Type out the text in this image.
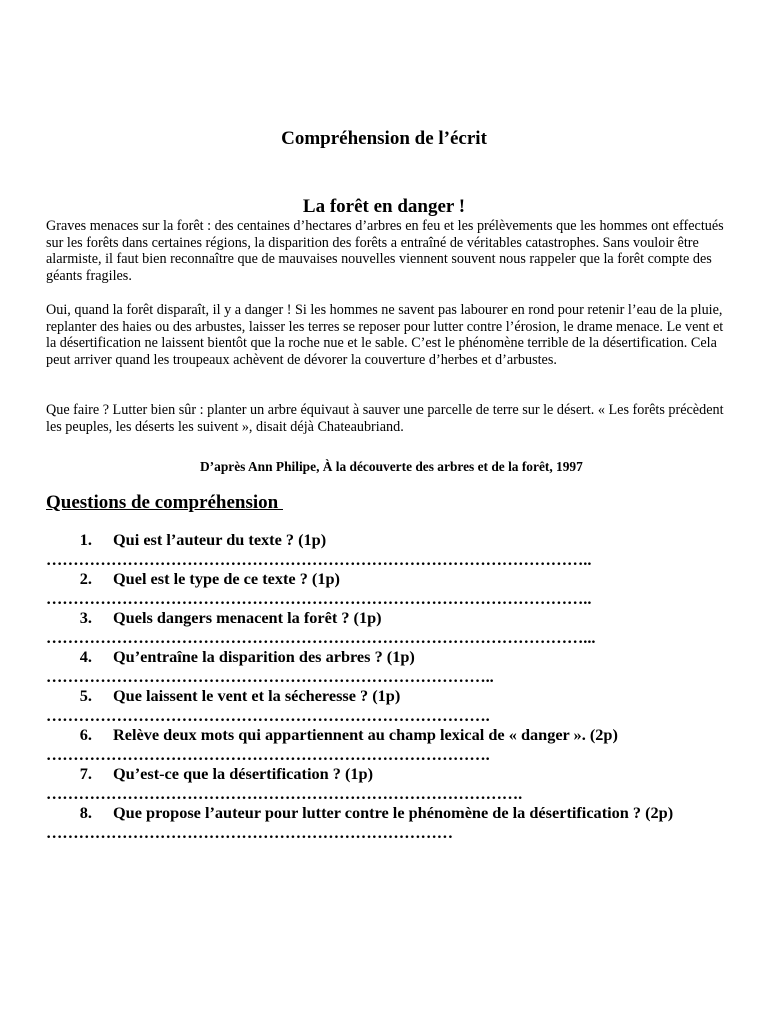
Compréhension de l’écrit
La forêt en danger !

Graves menaces sur la forêt : des centaines d’hectares d’arbres en feu et les prélèvements que les hommes ont effectués sur les forêts dans certaines régions, la disparition des forêts a entraîné de véritables catastrophes. Sans vouloir être alarmiste, il faut bien reconnaître que de mauvaises nouvelles viennent souvent nous rappeler que la forêt compte des géants fragiles.

Oui, quand la forêt disparaît, il y a danger ! Si les hommes ne savent pas labourer en rond pour retenir l’eau de la pluie, replanter des haies ou des arbustes, laisser les terres se reposer pour lutter contre l’érosion, le drame menace. Le vent et la désertification ne laissent bientôt que la roche nue et le sable. C’est le phénomène terrible de la désertification. Cela peut arriver quand les troupeaux achèvent de dévorer la couverture d’herbes et d’arbustes.

Que faire ? Lutter bien sûr : planter un arbre équivaut à sauver une parcelle de terre sur le désert. « Les forêts précèdent les peuples, les déserts les suivent », disait déjà Chateaubriand.

D’après Ann Philipe, À la découverte des arbres et de la forêt, 1997
Questions de compréhension
1. Qui est l’auteur du texte ? (1p)
………………………………………………………………………………………..
2. Quel est le type de ce texte ? (1p)
………………………………………………………………………………………..
3. Quels dangers menacent la forêt ? (1p)
………………………………………………………………………………………...
4. Qu’entraîne la disparition des arbres ? (1p)
………………………………………………………………………..
5. Que laissent le vent et la sécheresse ? (1p)
……………………………………………………………………….
6. Relève deux mots qui appartiennent au champ lexical de « danger ». (2p)
……………………………………………………………………….
7. Qu’est-ce que la désertification ? (1p)
…………………………………………………………………………….
8. Que propose l’auteur pour lutter contre le phénomène de la désertification ? (2p)
…………………………………………………………………
